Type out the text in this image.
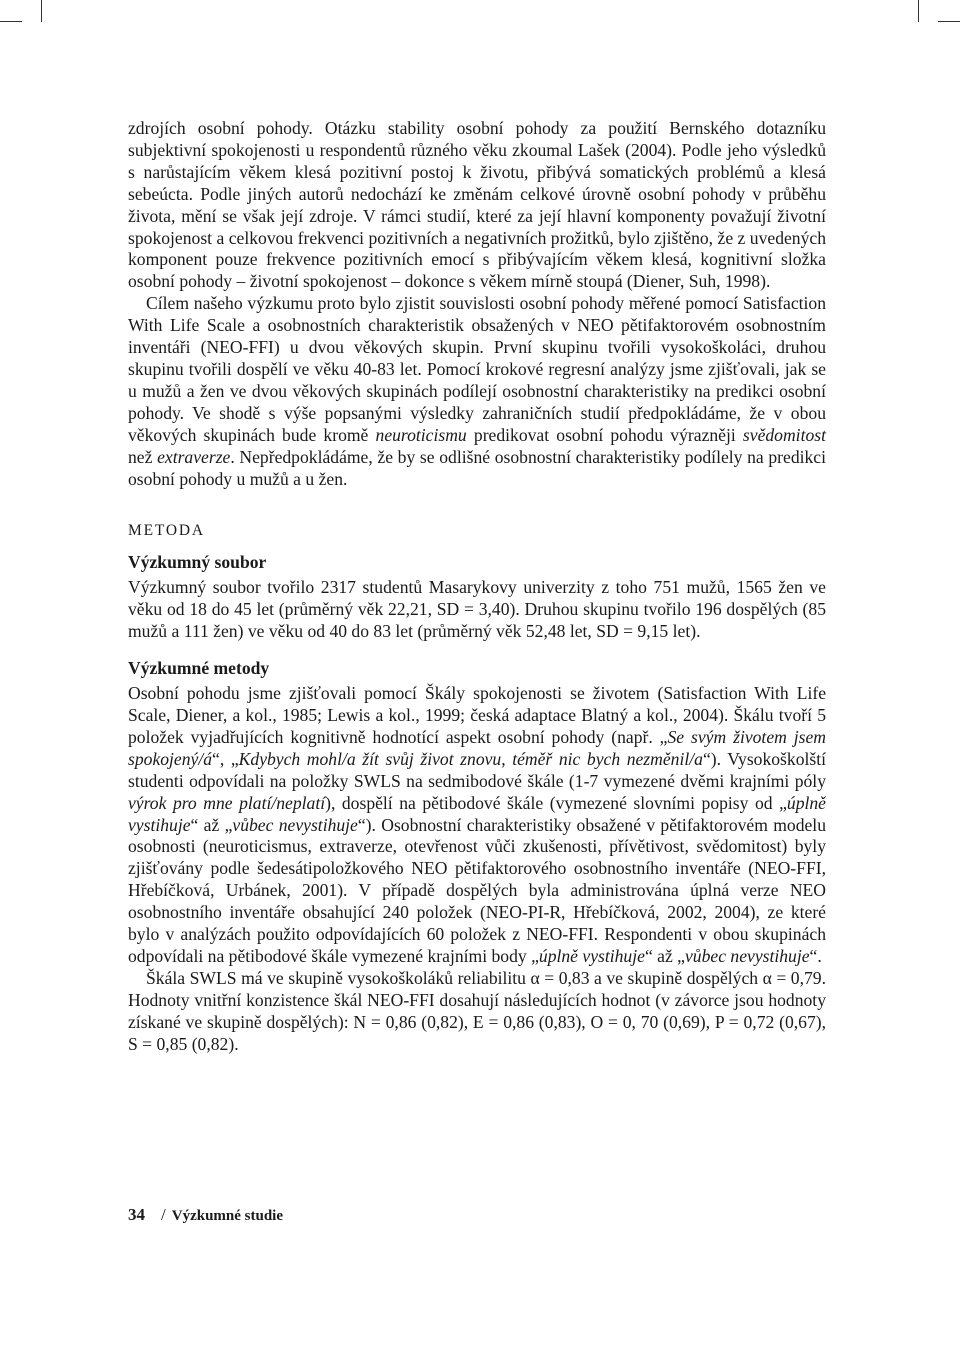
zdrojích osobní pohody. Otázku stability osobní pohody za použití Bernského dotazníku subjektivní spokojenosti u respondentů různého věku zkoumal Lašek (2004). Podle jeho výsledků s narůstajícím věkem klesá pozitivní postoj k životu, přibývá somatických problémů a klesá sebeúcta. Podle jiných autorů nedochází ke změnám celkové úrovně osobní pohody v průběhu života, mění se však její zdroje. V rámci studií, které za její hlavní komponenty považují životní spokojenost a celkovou frekvenci pozitivních a negativních prožitků, bylo zjištěno, že z uvedených komponent pouze frekvence pozitivních emocí s přibývajícím věkem klesá, kognitivní složka osobní pohody – životní spokojenost – dokonce s věkem mírně stoupá (Diener, Suh, 1998).

Cílem našeho výzkumu proto bylo zjistit souvislosti osobní pohody měřené pomocí Satisfaction With Life Scale a osobnostních charakteristik obsažených v NEO pětifaktorovém osobnostním inventáři (NEO-FFI) u dvou věkových skupin. První skupinu tvořili vysokoškoláci, druhou skupinu tvořili dospělí ve věku 40-83 let. Pomocí krokové regresní analýzy jsme zjišťovali, jak se u mužů a žen ve dvou věkových skupinách podílejí osobnostní charakteristiky na predikci osobní pohody. Ve shodě s výše popsanými výsledky zahraničních studií předpokládáme, že v obou věkových skupinách bude kromě neuroticismu predikovat osobní pohodu výrazněji svědomitost než extraverze. Nepředpokládáme, že by se odlišné osobnostní charakteristiky podílely na predikci osobní pohody u mužů a u žen.

METODA
Výzkumný soubor

Výzkumný soubor tvořilo 2317 studentů Masarykovy univerzity z toho 751 mužů, 1565 žen ve věku od 18 do 45 let (průměrný věk 22,21, SD = 3,40). Druhou skupinu tvořilo 196 dospělých (85 mužů a 111 žen) ve věku od 40 do 83 let (průměrný věk 52,48 let, SD = 9,15 let).

Výzkumné metody

Osobní pohodu jsme zjišťovali pomocí Škály spokojenosti se životem (Satisfaction With Life Scale, Diener, a kol., 1985; Lewis a kol., 1999; česká adaptace Blatný a kol., 2004). Škálu tvoří 5 položek vyjadřujících kognitivně hodnotící aspekt osobní pohody (např. „Se svým životem jsem spokojený/á“, „Kdybych mohl/a žít svůj život znovu, téměř nic bych nezměnil/a“). Vysokoškolští studenti odpovídali na položky SWLS na sedmibodové škále (1-7 vymezené dvěmi krajními póly výrok pro mne platí/neplatí), dospělí na pětibodové škále (vymezené slovními popisy od „úplně vystihuje“ až „vůbec nevystihuje“). Osobnostní charakteristiky obsažené v pětifaktorovém modelu osobnosti (neuroticismus, extraverze, otevřenost vůči zkušenosti, přívětivost, svědomitost) byly zjišťovány podle šedesátipoložkového NEO pětifaktorového osobnostního inventáře (NEO-FFI, Hřebíčková, Urbánek, 2001). V případě dospělých byla administrována úplná verze NEO osobnostního inventáře obsahující 240 položek (NEO-PI-R, Hřebíčková, 2002, 2004), ze které bylo v analýzách použito odpovídajících 60 položek z NEO-FFI. Respondenti v obou skupinách odpovídali na pětibodové škále vymezené krajními body „úplně vystihuje“ až „vůbec nevystihuje“.

Škála SWLS má ve skupině vysokoškoláků reliabilitu α = 0,83 a ve skupině dospělých α = 0,79. Hodnoty vnitřní konzistence škál NEO-FFI dosahují následujících hodnot (v závorce jsou hodnoty získané ve skupině dospělých): N = 0,86 (0,82), E = 0,86 (0,83), O = 0, 70 (0,69), P = 0,72 (0,67), S = 0,85 (0,82).

34 / Výzkumné studie
